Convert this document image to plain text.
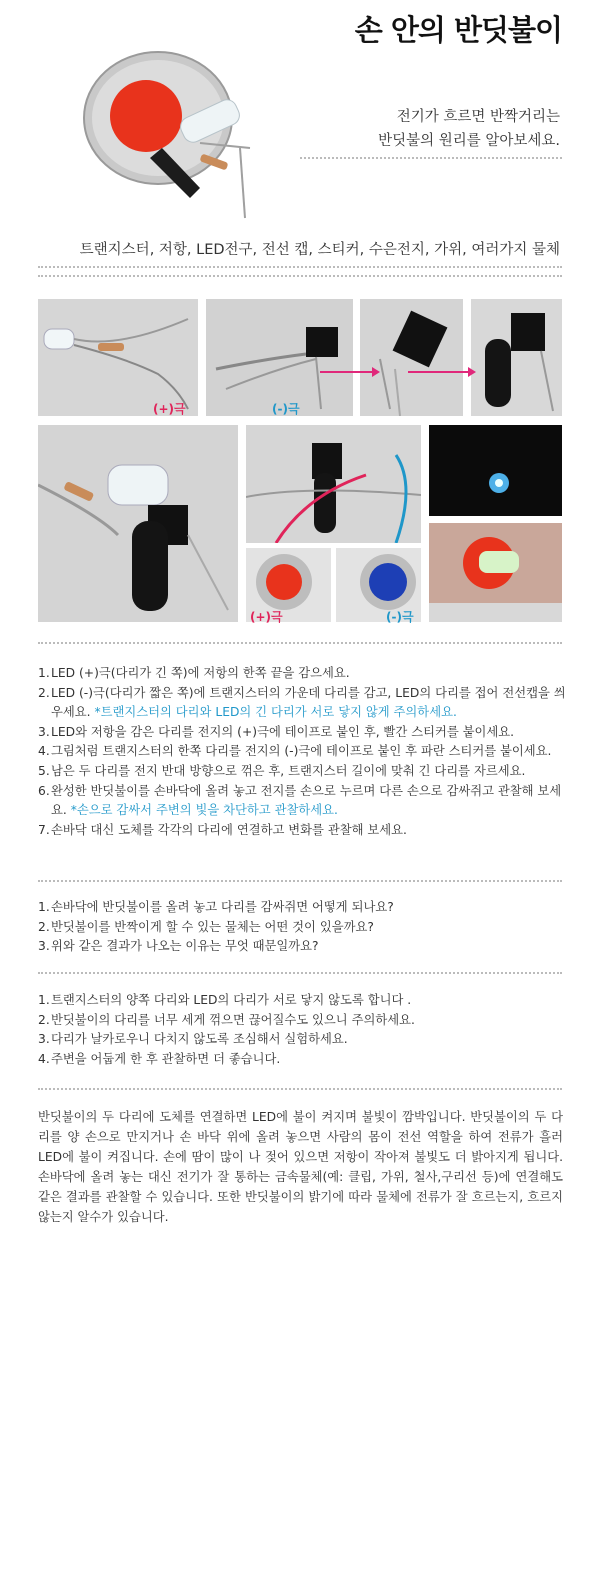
손 안의 반딧불이
전기가 흐르면 반짝거리는
반딧불의 원리를 알아보세요.
트랜지스터, 저항, LED전구, 전선 캡, 스티커, 수은전지, 가위, 여러가지 물체
(+)극	(-)극
(+)극	(-)극
1. LED (+)극(다리가 긴 쪽)에 저항의 한쪽 끝을 감으세요.
2. LED (-)극(다리가 짧은 쪽)에 트랜지스터의 가운데 다리를 감고, LED의 다리를 접어 전선캡을 씌우세요. *트랜지스터의 다리와 LED의 긴 다리가 서로 닿지 않게 주의하세요.
3. LED와 저항을 감은 다리를 전지의 (+)극에 테이프로 붙인 후, 빨간 스티커를 붙이세요.
4. 그림처럼 트랜지스터의 한쪽 다리를 전지의 (-)극에 테이프로 붙인 후 파란 스티커를 붙이세요.
5. 남은 두 다리를 전지 반대 방향으로 꺾은 후, 트랜지스터 길이에 맞춰 긴 다리를 자르세요.
6. 완성한 반딧불이를 손바닥에 올려 놓고 전지를 손으로 누르며 다른 손으로 감싸쥐고 관찰해 보세요. *손으로 감싸서 주변의 빛을 차단하고 관찰하세요.
7. 손바닥 대신 도체를 각각의 다리에 연결하고 변화를 관찰해 보세요.
1. 손바닥에 반딧불이를 올려 놓고 다리를 감싸쥐면 어떻게 되나요?
2. 반딧불이를 반짝이게 할 수 있는 물체는 어떤 것이 있을까요?
3. 위와 같은 결과가 나오는 이유는 무엇 때문일까요?
1. 트랜지스터의 양쪽 다리와 LED의 다리가 서로 닿지 않도록 합니다 .
2. 반딧불이의 다리를 너무 세게 꺾으면 끊어질수도 있으니 주의하세요.
3. 다리가 날카로우니 다치지 않도록 조심해서 실험하세요.
4. 주변을 어둡게 한 후 관찰하면 더 좋습니다.

반딧불이의 두 다리에 도체를 연결하면 LED에 불이 켜지며 불빛이 깜박입니다. 반딧불이의 두 다리를 양 손으로 만지거나 손 바닥 위에 올려 놓으면 사람의 몸이 전선 역할을 하여 전류가 흘러 LED에 불이 켜집니다. 손에 땀이 많이 나 젖어 있으면 저항이 작아져 불빛도 더 밝아지게 됩니다. 손바닥에 올려 놓는 대신 전기가 잘 통하는 금속물체(예: 클립, 가위, 철사,구리선 등)에 연결해도 같은 결과를 관찰할 수 있습니다. 또한 반딧불이의 밝기에 따라 물체에 전류가 잘 흐르는지, 흐르지 않는지 알수가 있습니다.
